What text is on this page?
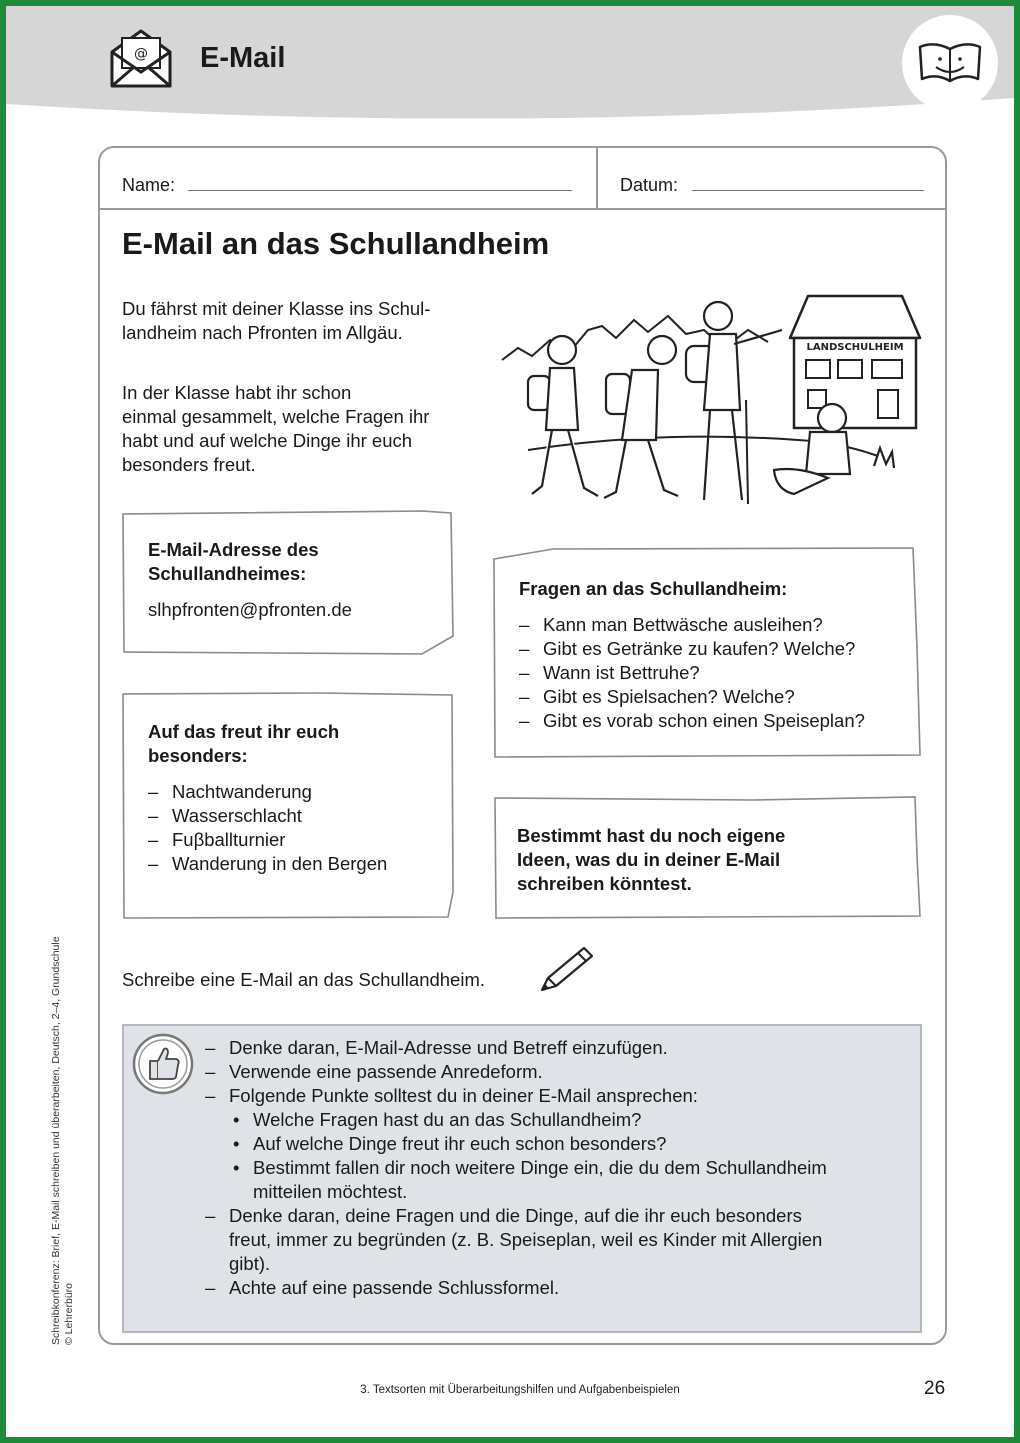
@ E-Mail
Name:	Datum:
E-Mail an das Schullandheim
Du fährst mit deiner Klasse ins Schul-
landheim nach Pfronten im Allgäu.
In der Klasse habt ihr schon
einmal gesammelt, welche Fragen ihr
habt und auf welche Dinge ihr euch
besonders freut.
LANDSCHULHEIM
E-Mail-Adresse des
Schullandheimes:
slhpfronten@pfronten.de
Fragen an das Schullandheim:
– Kann man Bettwäsche ausleihen?
– Gibt es Getränke zu kaufen? Welche?
– Wann ist Bettruhe?
– Gibt es Spielsachen? Welche?
– Gibt es vorab schon einen Speiseplan?
Auf das freut ihr euch
besonders:
– Nachtwanderung
– Wasserschlacht
– Fuβballturnier
– Wanderung in den Bergen
Bestimmt hast du noch eigene
Ideen, was du in deiner E-Mail
schreiben könntest.
Schreibe eine E-Mail an das Schullandheim.
– Denke daran, E-Mail-Adresse und Betreff einzufügen.
– Verwende eine passende Anredeform.
– Folgende Punkte solltest du in deiner E-Mail ansprechen:
• Welche Fragen hast du an das Schullandheim?
• Auf welche Dinge freut ihr euch schon besonders?
• Bestimmt fallen dir noch weitere Dinge ein, die du dem Schullandheim
mitteilen möchtest.
– Denke daran, deine Fragen und die Dinge, auf die ihr euch besonders
freut, immer zu begründen (z. B. Speiseplan, weil es Kinder mit Allergien
gibt).
– Achte auf eine passende Schlussformel.
Schreibkonferenz: Brief, E-Mail schreiben und überarbeiten, Deutsch, 2–4, Grundschule © Lehrerbüro
3. Textsorten mit Überarbeitungshilfen und Aufgabenbeispielen	26
